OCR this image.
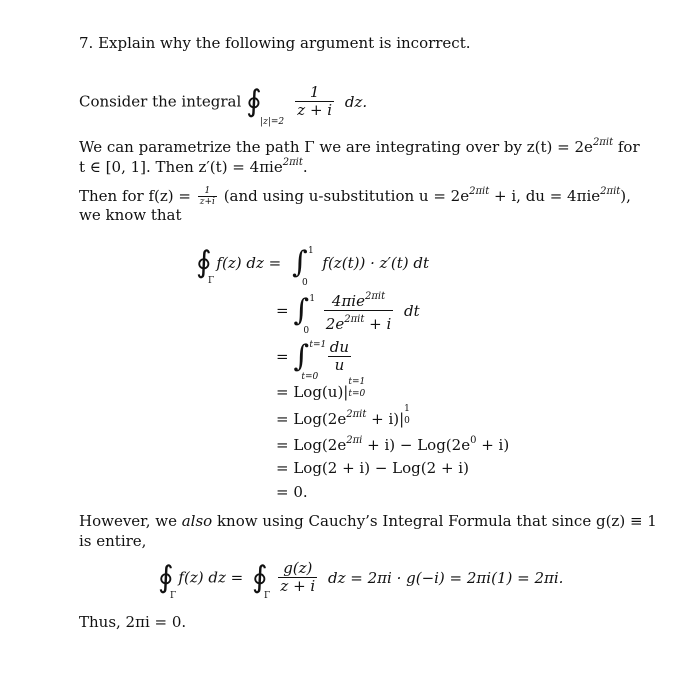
7. Explain why the following argument is incorrect.
Consider the integral ∮
|z|=2

$\frac{1}{z + i}$ dz.
We can parametrize the path Γ we are integrating over by $z(t) = 2e^{2\pi it}$ for
t ∈ [0, 1]. Then z′(t) = 4πie$^{2\pi it}$.
Then for $f(z) = \frac{1}{z+i} (and$ using u-substitution $u = 2e^{2\pi it} + i$, du = 4πie$^{2\pi it}$),
we know that
∮
Γ
f(z) dz = ∫ 1
0
f(z(t)) · z′(t) dt
= ∫ 1
0
$\frac{4\pi ie^{2\pi it}}{2e^{2\pi it} + i}$ dt
= ∫ t=1
t=0

$\frac{du}{u}$
= Log(u)|
t=1
t=0
= $Log(2e^{2\pi it} + i)|$
1
0
= $Log(2e^{2\pi i} + i) - Log(2e^0 + i)$
= Log(2 + i) − Log(2 + i)
= 0.
However, we also know using Cauchy’s Integral Formula that since g(z) ≡ 1
is entire,
∮
Γ
f(z) dz = ∮
Γ

$\frac{g(z)}{z + i}$ dz = 2πi · g(−i) = 2πi(1) = 2πi.
Thus, 2πi = 0.
